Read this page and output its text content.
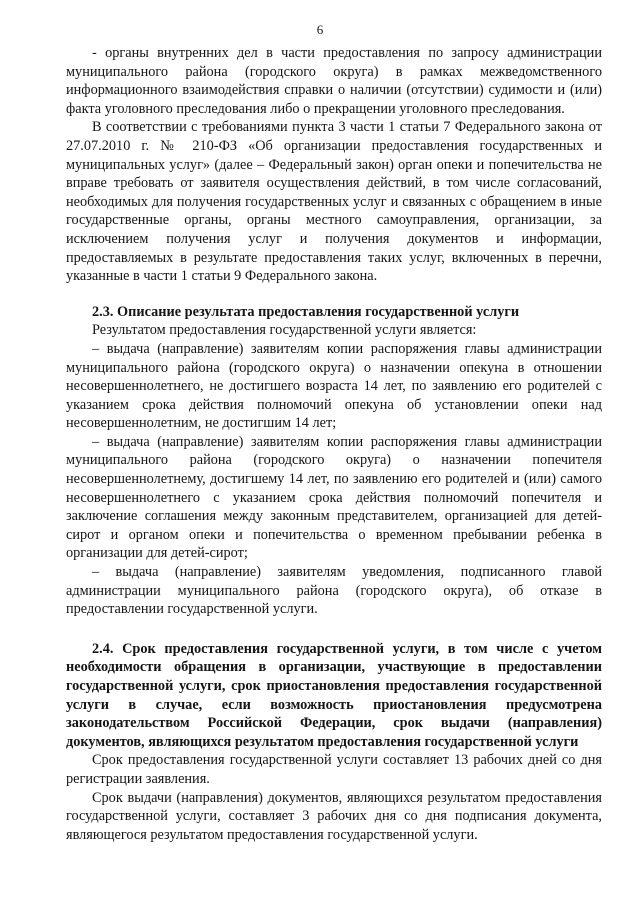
6

- органы внутренних дел в части предоставления по запросу администрации муниципального района (городского округа) в рамках межведомственного информационного взаимодействия справки о наличии (отсутствии) судимости и (или) факта уголовного преследования либо о прекращении уголовного преследования.

В соответствии с требованиями пункта 3 части 1 статьи 7 Федерального закона от 27.07.2010 г. № 210-ФЗ «Об организации предоставления государственных и муниципальных услуг» (далее – Федеральный закон) орган опеки и попечительства не вправе требовать от заявителя осуществления действий, в том числе согласований, необходимых для получения государственных услуг и связанных с обращением в иные государственные органы, органы местного самоуправления, организации, за исключением получения услуг и получения документов и информации, предоставляемых в результате предоставления таких услуг, включенных в перечни, указанные в части 1 статьи 9 Федерального закона.

2.3. Описание результата предоставления государственной услуги

Результатом предоставления государственной услуги является:

– выдача (направление) заявителям копии распоряжения главы администрации муниципального района (городского округа) о назначении опекуна в отношении несовершеннолетнего, не достигшего возраста 14 лет, по заявлению его родителей с указанием срока действия полномочий опекуна об установлении опеки над несовершеннолетним, не достигшим 14 лет;

– выдача (направление) заявителям копии распоряжения главы администрации муниципального района (городского округа) о назначении попечителя несовершеннолетнему, достигшему 14 лет, по заявлению его родителей и (или) самого несовершеннолетнего с указанием срока действия полномочий попечителя и заключение соглашения между законным представителем, организацией для детей-сирот и органом опеки и попечительства о временном пребывании ребенка в организации для детей-сирот;

– выдача (направление) заявителям уведомления, подписанного главой администрации муниципального района (городского округа), об отказе в предоставлении государственной услуги.

2.4. Срок предоставления государственной услуги, в том числе с учетом необходимости обращения в организации, участвующие в предоставлении государственной услуги, срок приостановления предоставления государственной услуги в случае, если возможность приостановления предусмотрена законодательством Российской Федерации, срок выдачи (направления) документов, являющихся результатом предоставления государственной услуги

Срок предоставления государственной услуги составляет 13 рабочих дней со дня регистрации заявления.

Срок выдачи (направления) документов, являющихся результатом предоставления государственной услуги, составляет 3 рабочих дня со дня подписания документа, являющегося результатом предоставления государственной услуги.
